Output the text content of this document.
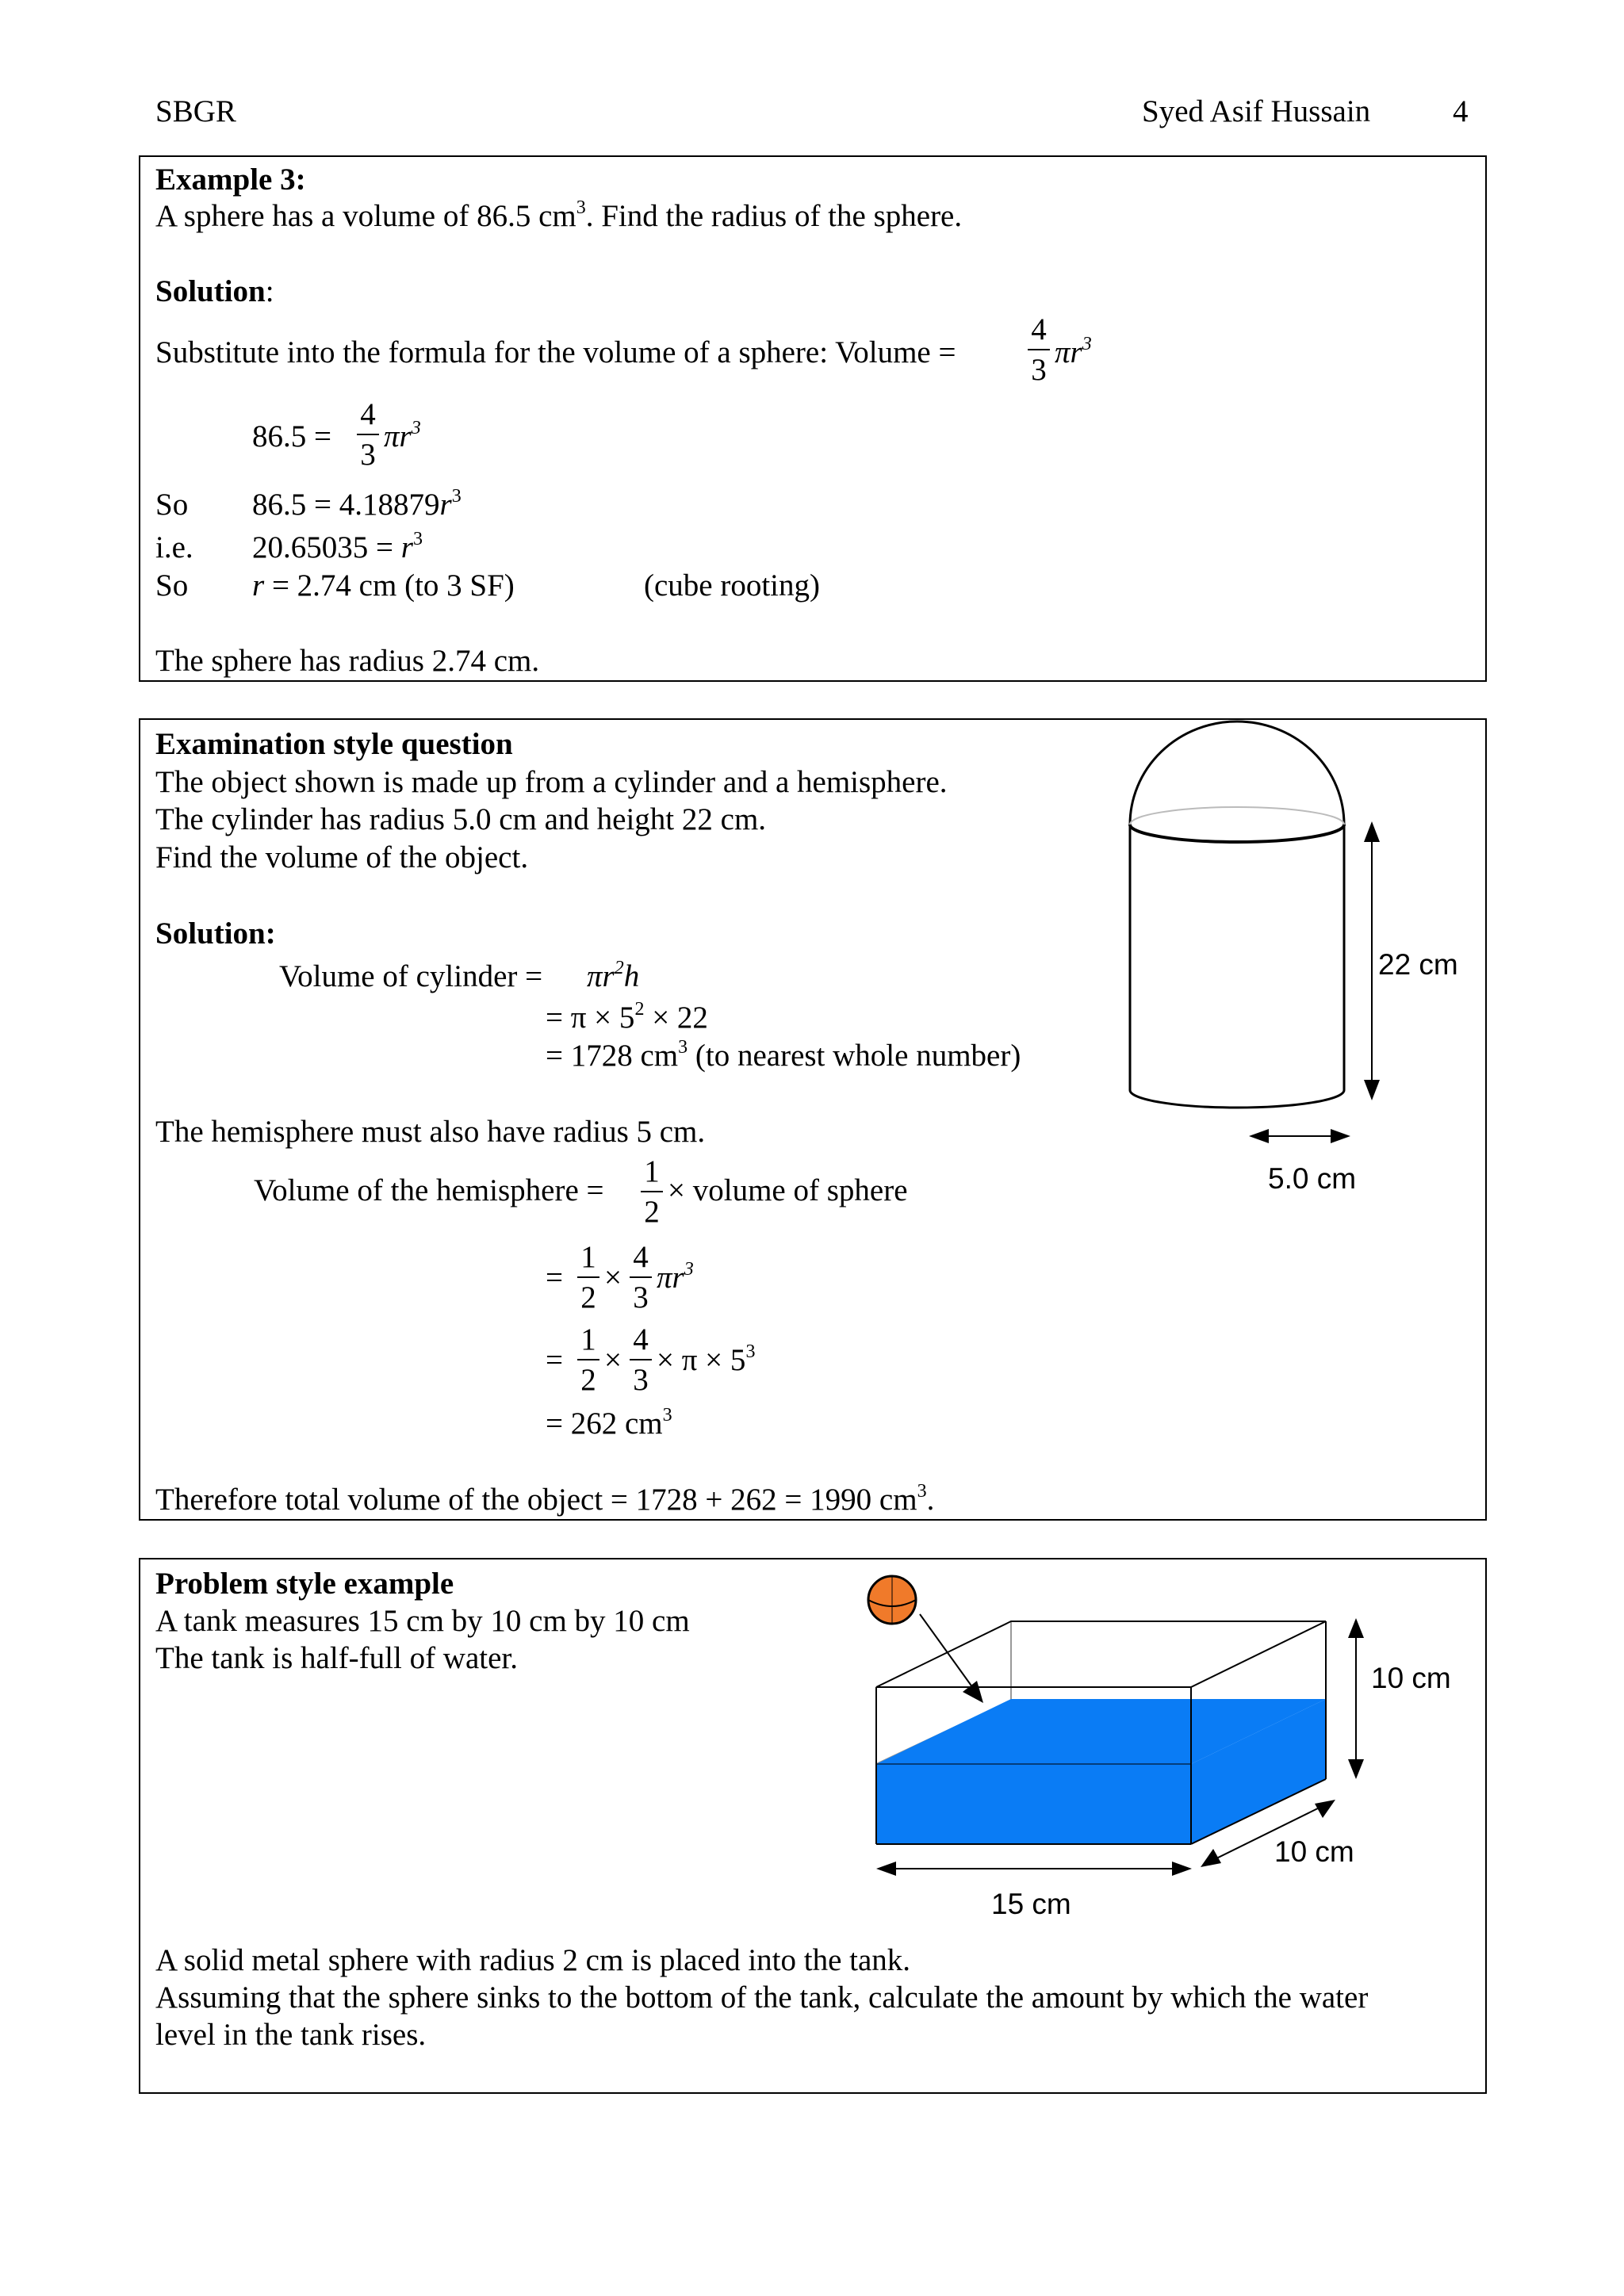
SBGR	Syed Asif Hussain	4
Example 3:
A sphere has a volume of 86.5 $cm^3$. Find the radius of the sphere.
Solution:
Substitute into the formula for the volume of a sphere: Volume =
4
3
$\pi r^3$
86.5 =
4
3
$\pi r^3$
So $86.5 = 4.18879r^3$
i.e. $20.65035 = r^3$
So r = 2.74 cm (to 3 SF)	(cube rooting)
The sphere has radius 2.74 cm.
Examination style question
The object shown is made up from a cylinder and a hemisphere.
The cylinder has radius 5.0 cm and height 22 cm.
Find the volume of the object.
Solution:
Volume of cylinder = $\pi r^2h$
= $\pi \times 5^2 \times 22$
= 1728 $cm^3$ (to nearest whole number)
The hemisphere must also have radius 5 cm.
Volume of the hemisphere =
1
2
× volume of sphere
=
1
2
×
4
3
$\pi r^3$
=
1
2
×
4
3
× $\pi \times 5^3$
= 262 $cm^3$
Therefore total volume of the object = 1728 + 262 = 1990 $cm^3$.
22 cm
5.0 cm
Problem style example
A tank measures 15 cm by 10 cm by 10 cm
The tank is half-full of water.
A solid metal sphere with radius 2 cm is placed into the tank.
Assuming that the sphere sinks to the bottom of the tank, calculate the amount by which the water
level in the tank rises.
10 cm
10 cm
15 cm
